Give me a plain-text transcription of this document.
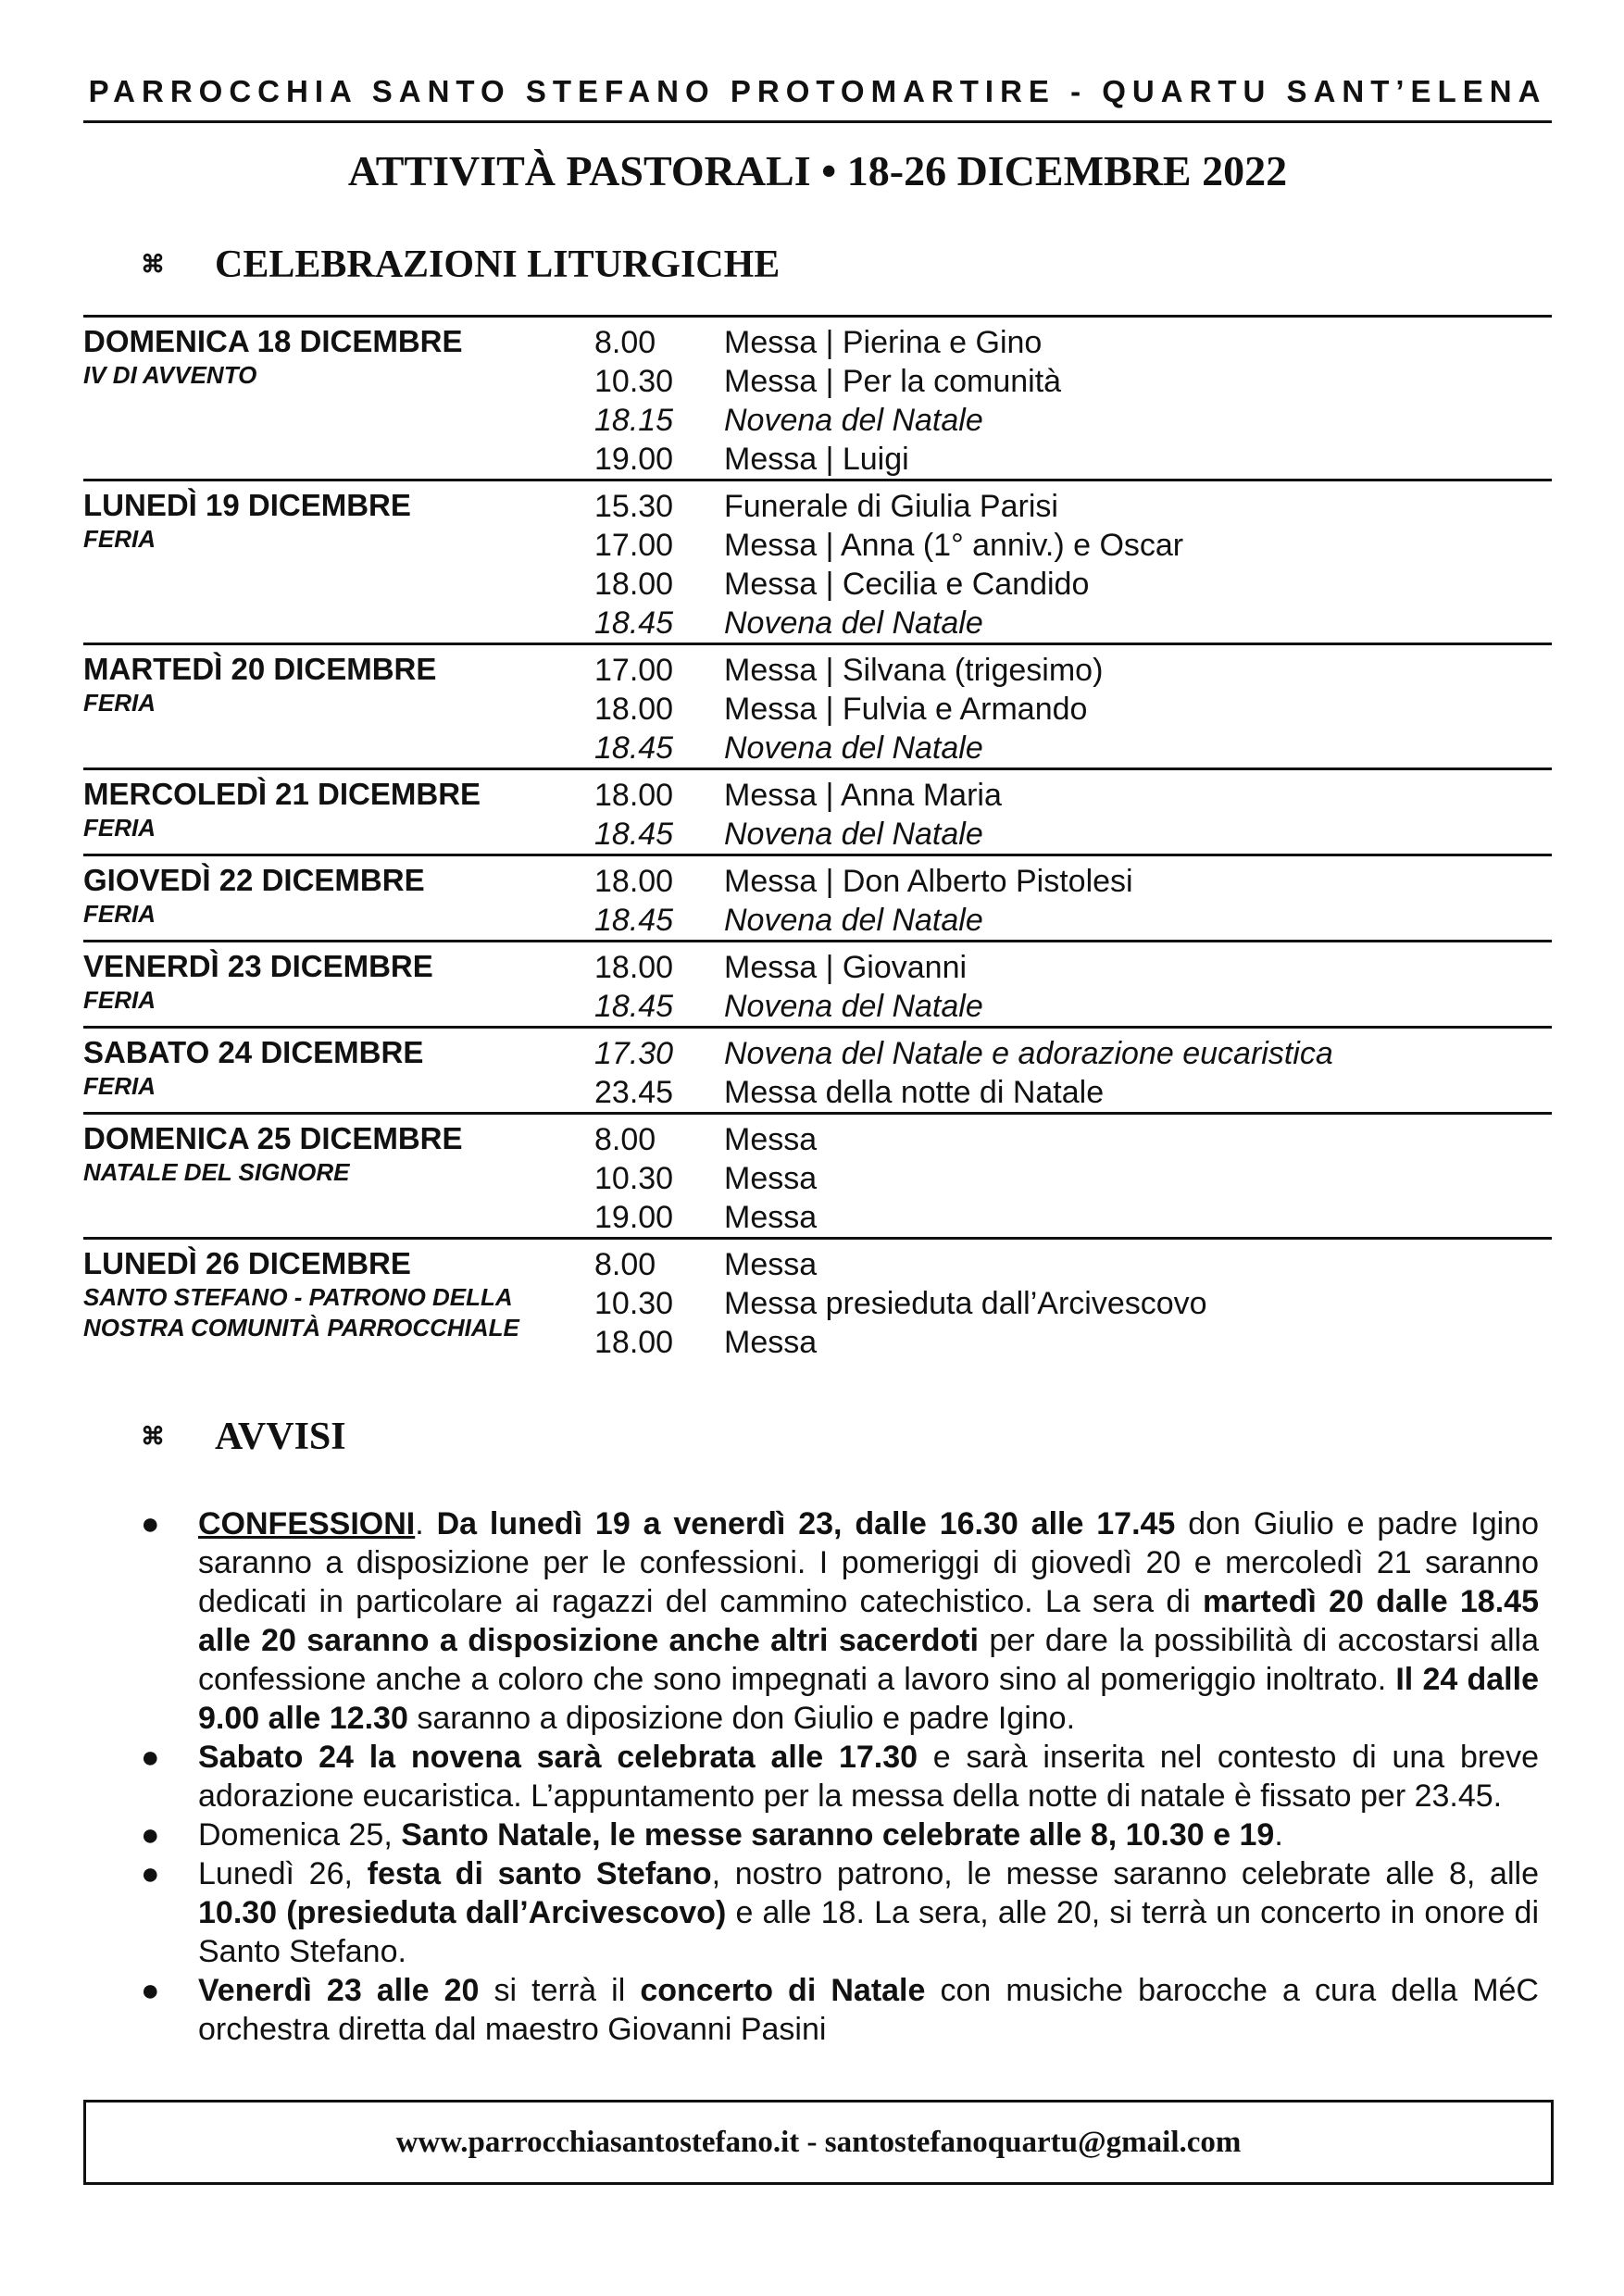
PARROCCHIA SANTO STEFANO PROTOMARTIRE - QUARTU SANT’ELENA
ATTIVITÀ PASTORALI • 18-26 DICEMBRE 2022
⌘	CELEBRAZIONI LITURGICHE
DOMENICA 18 DICEMBRE
IV DI AVVENTO
8.00	Messa | Pierina e Gino
10.30	Messa | Per la comunità
18.15	Novena del Natale
19.00	Messa | Luigi
LUNEDÌ 19 DICEMBRE
FERIA
15.30	Funerale di Giulia Parisi
17.00	Messa | Anna (1° anniv.) e Oscar
18.00	Messa | Cecilia e Candido
18.45	Novena del Natale
MARTEDÌ 20 DICEMBRE
FERIA
17.00	Messa | Silvana (trigesimo)
18.00	Messa | Fulvia e Armando
18.45	Novena del Natale
MERCOLEDÌ 21 DICEMBRE
FERIA
18.00	Messa | Anna Maria
18.45	Novena del Natale
GIOVEDÌ 22 DICEMBRE
FERIA
18.00	Messa | Don Alberto Pistolesi
18.45	Novena del Natale
VENERDÌ 23 DICEMBRE
FERIA
18.00	Messa | Giovanni
18.45	Novena del Natale
SABATO 24 DICEMBRE
FERIA
17.30	Novena del Natale e adorazione eucaristica
23.45	Messa della notte di Natale
DOMENICA 25 DICEMBRE
NATALE DEL SIGNORE
8.00	Messa
10.30	Messa
19.00	Messa
LUNEDÌ 26 DICEMBRE
SANTO STEFANO - PATRONO DELLA
NOSTRA COMUNITÀ PARROCCHIALE
8.00	Messa
10.30	Messa presieduta dall’Arcivescovo
18.00	Messa
⌘	AVVISI
● CONFESSIONI. Da lunedì 19 a venerdì 23, dalle 16.30 alle 17.45 don Giulio e padre Igino saranno a disposizione per le confessioni. I pomeriggi di giovedì 20 e mercoledì 21 saranno dedicati in particolare ai ragazzi del cammino catechistico. La sera di martedì 20 dalle 18.45 alle 20 saranno a disposizione anche altri sacerdoti per dare la possibilità di accostarsi alla confessione anche a coloro che sono impegnati a lavoro sino al pomeriggio inoltrato. Il 24 dalle 9.00 alle 12.30 saranno a diposizione don Giulio e padre Igino.
● Sabato 24 la novena sarà celebrata alle 17.30 e sarà inserita nel contesto di una breve adorazione eucaristica. L’appuntamento per la messa della notte di natale è fissato per 23.45.
● Domenica 25, Santo Natale, le messe saranno celebrate alle 8, 10.30 e 19.
● Lunedì 26, festa di santo Stefano, nostro patrono, le messe saranno celebrate alle 8, alle 10.30 (presieduta dall’Arcivescovo) e alle 18. La sera, alle 20, si terrà un concerto in onore di Santo Stefano.
● Venerdì 23 alle 20 si terrà il concerto di Natale con musiche barocche a cura della MéC orchestra diretta dal maestro Giovanni Pasini
www.parrocchiasantostefano.it - santostefanoquartu@gmail.com
